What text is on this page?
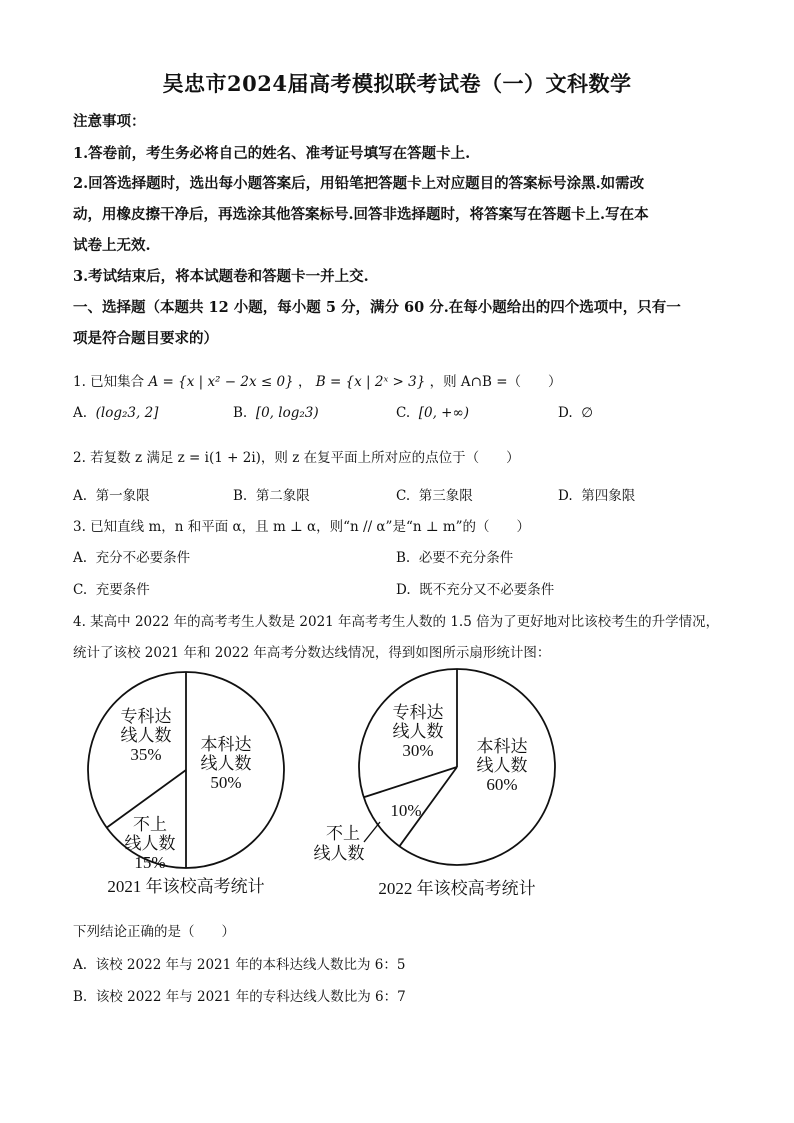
吴忠市2024届高考模拟联考试卷（一）文科数学
注意事项：
1.答卷前，考生务必将自己的姓名、准考证号填写在答题卡上.
2.回答选择题时，选出每小题答案后，用铅笔把答题卡上对应题目的答案标号涂黑.如需改
动，用橡皮擦干净后，再选涂其他答案标号.回答非选择题时，将答案写在答题卡上.写在本
试卷上无效.
3.考试结束后，将本试题卷和答题卡一并上交.
一、选择题（本题共 12 小题，每小题 5 分，满分 60 分.在每小题给出的四个选项中，只有一
项是符合题目要求的）
1. 已知集合 A = {x | x² − 2x ≤ 0} ， B = {x | 2ˣ > 3} ，则 A∩B =（　　）
A. (log₂3, 2]	B. [0, log₂3)	C. [0, +∞)	D. ∅
2. 若复数 z 满足 z = i(1 + 2i)，则 z 在复平面上所对应的点位于（　　）
A. 第一象限	B. 第二象限	C. 第三象限	D. 第四象限
3. 已知直线 m，n 和平面 α，且 m ⊥ α，则“n // α”是“n ⊥ m”的（　　）
A. 充分不必要条件	B. 必要不充分条件
C. 充要条件	D. 既不充分又不必要条件
4. 某高中 2022 年的高考考生人数是 2021 年高考考生人数的 1.5 倍为了更好地对比该校考生的升学情况，
统计了该校 2021 年和 2022 年高考分数达线情况，得到如图所示扇形统计图：
本科达
线人数
50%
不上
线人数
15%
专科达
线人数
35%
2021 年该校高考统计
本科达
线人数
60%
10%
不上
线人数
专科达
线人数
30%
2022 年该校高考统计
下列结论正确的是（　　）
A. 该校 2022 年与 2021 年的本科达线人数比为 6：5
B. 该校 2022 年与 2021 年的专科达线人数比为 6：7
